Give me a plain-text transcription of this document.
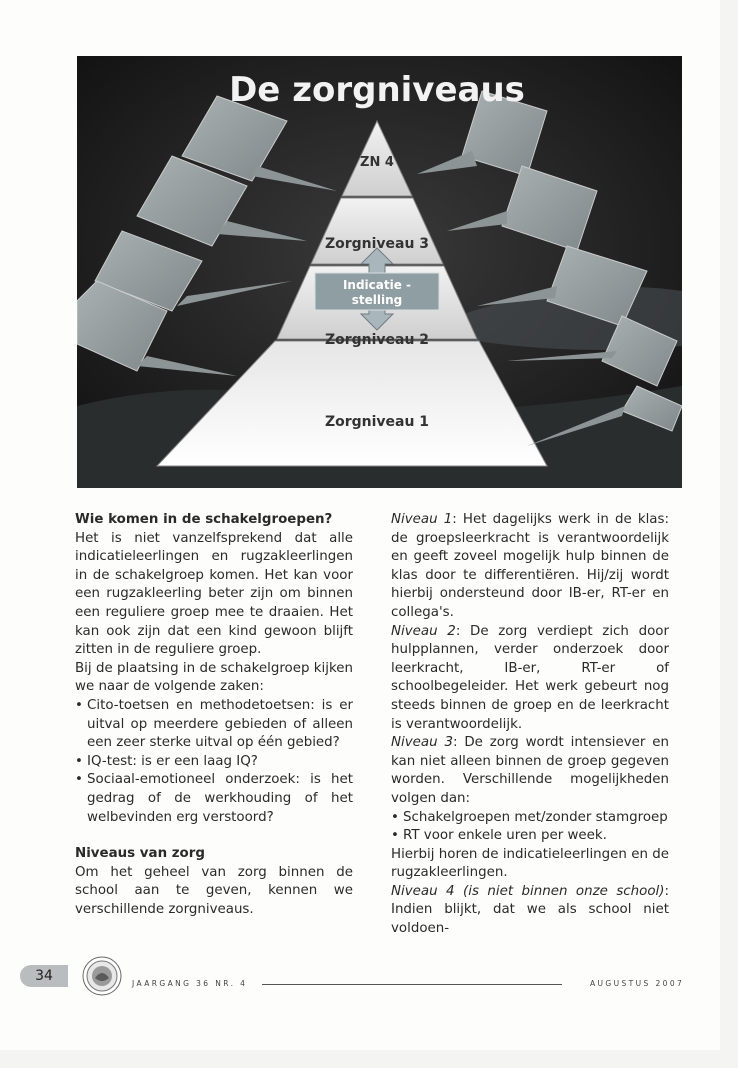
De zorgniveaus
ZN 4
Zorgniveau 3
Zorgniveau 2
Zorgniveau 1
Indicatie -
stelling
Wie komen in de schakelgroepen?

Het is niet vanzelfsprekend dat alle indicatieleerlingen en rugzakleerlingen in de schakelgroep komen. Het kan voor een rugzakleerling beter zijn om binnen een reguliere groep mee te draaien. Het kan ook zijn dat een kind gewoon blijft zitten in de reguliere groep.

Bij de plaatsing in de schakelgroep kijken we naar de volgende zaken:

• Cito-toetsen en methodetoetsen: is er uitval op meerdere gebieden of alleen een zeer sterke uitval op één gebied?
• IQ-test: is er een laag IQ?
• Sociaal-emotioneel onderzoek: is het gedrag of de werkhouding of het welbevinden erg verstoord?
Niveaus van zorg

Om het geheel van zorg binnen de school aan te geven, kennen we verschillende zorgniveaus.

Niveau 1: Het dagelijks werk in de klas: de groepsleerkracht is verantwoordelijk en geeft zoveel mogelijk hulp binnen de klas door te differentiëren. Hij/zij wordt hierbij ondersteund door IB-er, RT-er en collega's.

Niveau 2: De zorg verdiept zich door hulpplannen, verder onderzoek door leerkracht, IB-er, RT-er of schoolbegeleider. Het werk gebeurt nog steeds binnen de groep en de leerkracht is verantwoordelijk.

Niveau 3: De zorg wordt intensiever en kan niet alleen binnen de groep gegeven worden. Verschillende mogelijkheden volgen dan:

• Schakelgroepen met/zonder stamgroep
• RT voor enkele uren per week.

Hierbij horen de indicatieleerlingen en de rugzakleerlingen.

Niveau 4 (is niet binnen onze school): Indien blijkt, dat we als school niet voldoen-

34	JAARGANG 36 NR. 4	AUGUSTUS 2007
